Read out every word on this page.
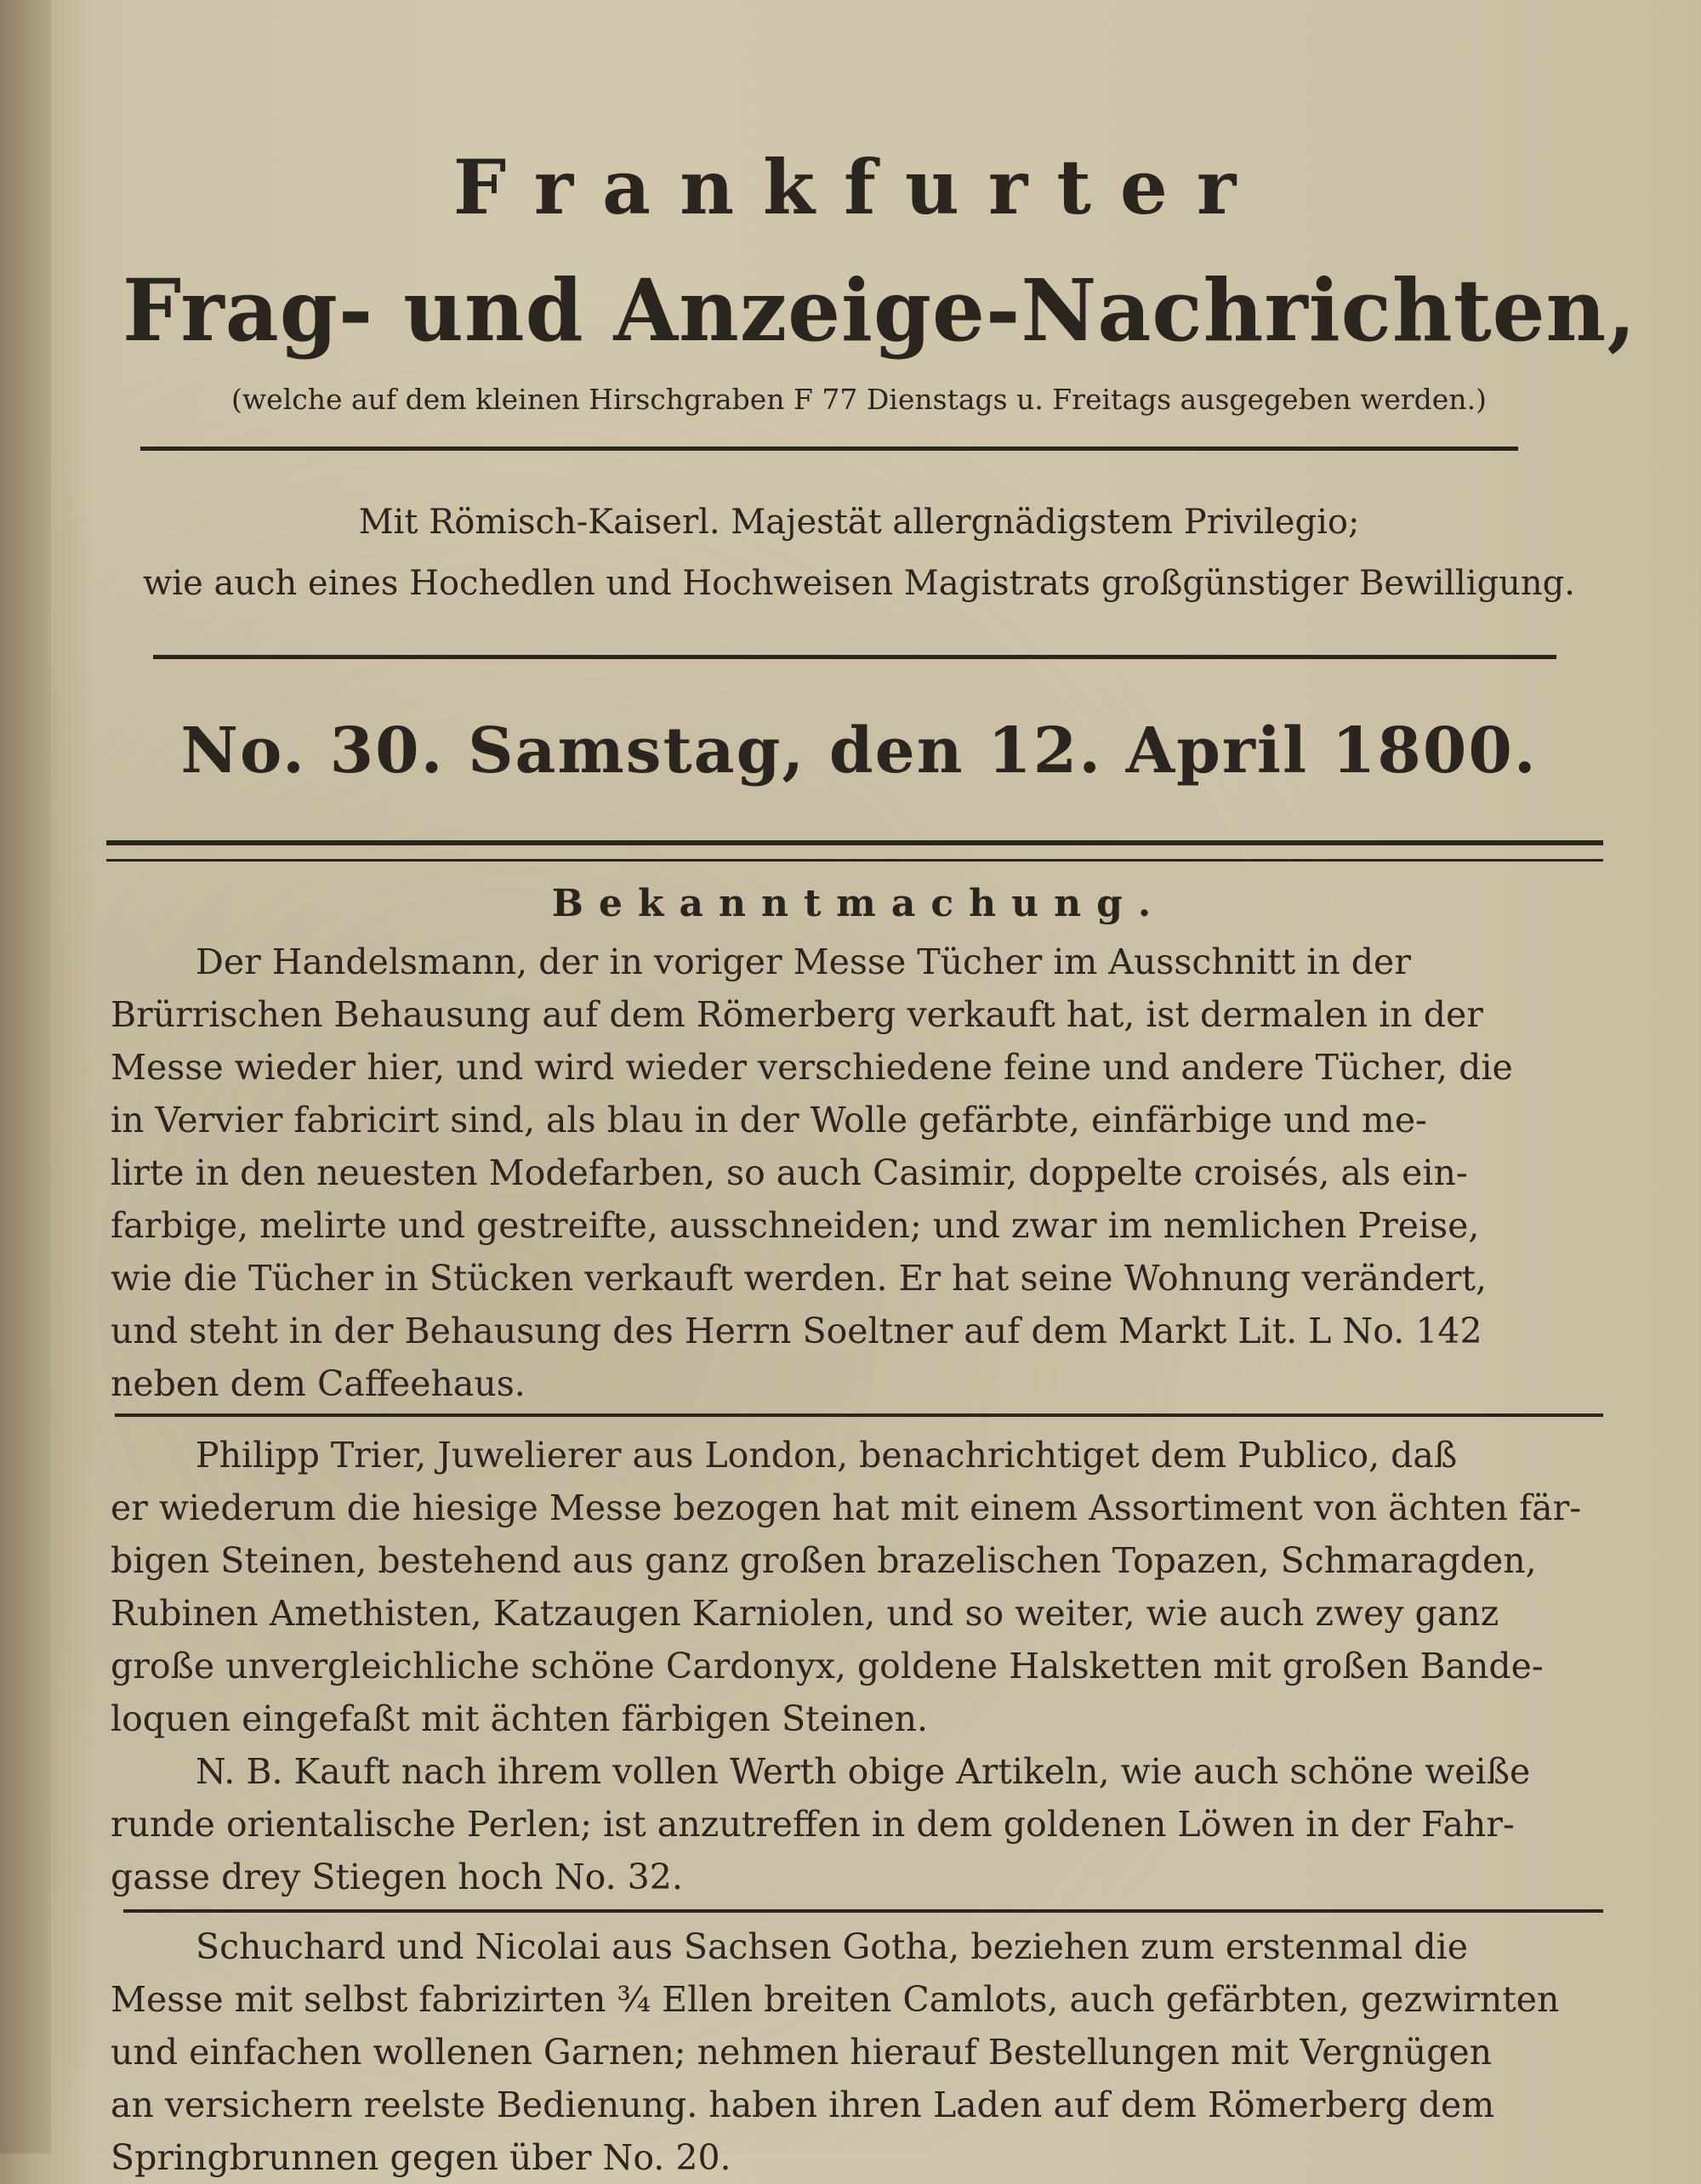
Frankfurter
Frag- und Anzeige-Nachrichten,
(welche auf dem kleinen Hirschgraben F 77 Dienstags u. Freitags ausgegeben werden.)
Mit Römisch-Kaiserl. Majestät allergnädigstem Privilegio;
wie auch eines Hochedlen und Hochweisen Magistrats großgünstiger Bewilligung.
No. 30. Samstag, den 12. April 1800.
Bekanntmachung.
Der Handelsmann, der in voriger Messe Tücher im Ausschnitt in der
Brürrischen Behausung auf dem Römerberg verkauft hat, ist dermalen in der
Messe wieder hier, und wird wieder verschiedene feine und andere Tücher, die
in Vervier fabricirt sind, als blau in der Wolle gefärbte, einfärbige und me-
lirte in den neuesten Modefarben, so auch Casimir, doppelte croisés, als ein-
farbige, melirte und gestreifte, ausschneiden; und zwar im nemlichen Preise,
wie die Tücher in Stücken verkauft werden. Er hat seine Wohnung verändert,
und steht in der Behausung des Herrn Soeltner auf dem Markt Lit. L No. 142
neben dem Caffeehaus.
Philipp Trier, Juwelierer aus London, benachrichtiget dem Publico, daß
er wiederum die hiesige Messe bezogen hat mit einem Assortiment von ächten fär-
bigen Steinen, bestehend aus ganz großen brazelischen Topazen, Schmaragden,
Rubinen Amethisten, Katzaugen Karniolen, und so weiter, wie auch zwey ganz
große unvergleichliche schöne Cardonyx, goldene Halsketten mit großen Bande-
loquen eingefaßt mit ächten färbigen Steinen.
N. B. Kauft nach ihrem vollen Werth obige Artikeln, wie auch schöne weiße
runde orientalische Perlen; ist anzutreffen in dem goldenen Löwen in der Fahr-
gasse drey Stiegen hoch No. 32.
Schuchard und Nicolai aus Sachsen Gotha, beziehen zum erstenmal die
Messe mit selbst fabrizirten ¾ Ellen breiten Camlots, auch gefärbten, gezwirnten
und einfachen wollenen Garnen; nehmen hierauf Bestellungen mit Vergnügen
an versichern reelste Bedienung. haben ihren Laden auf dem Römerberg dem
Springbrunnen gegen über No. 20.
